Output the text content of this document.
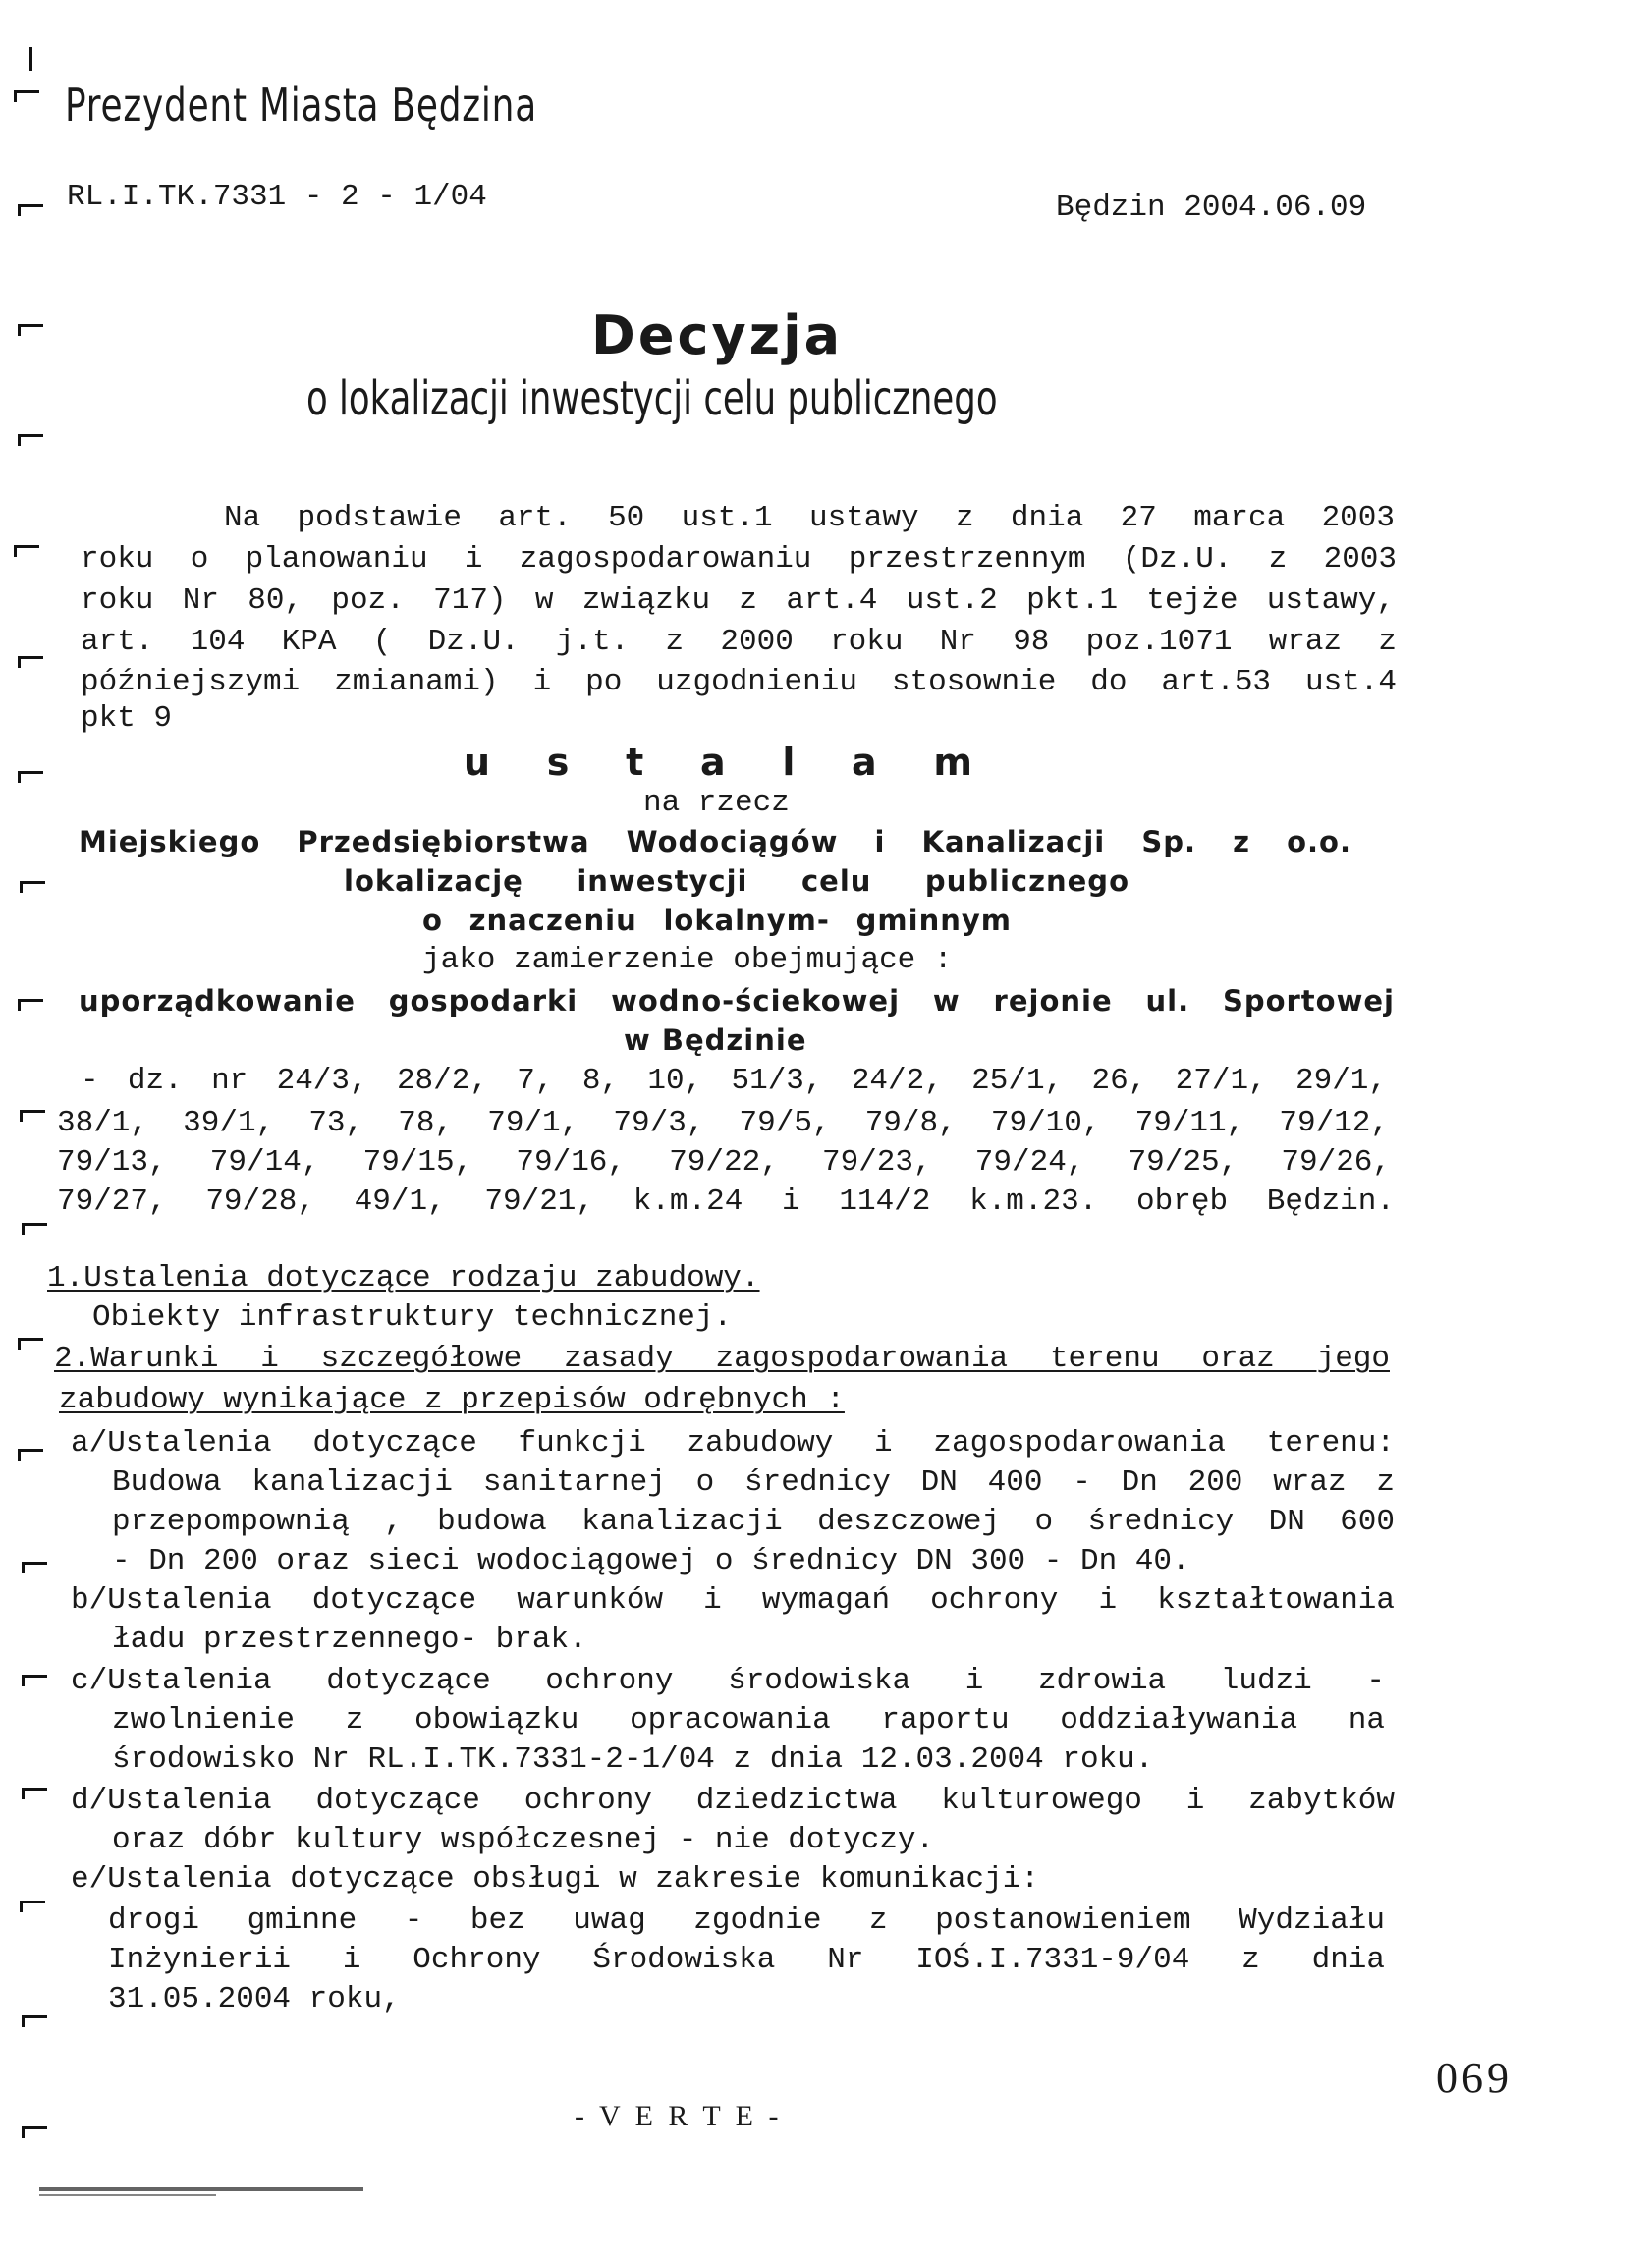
Prezydent Miasta Będzina
RL.I.TK.7331 - 2 - 1/04	Będzin 2004.06.09
Decyzja
o lokalizacji inwestycji celu publicznego
Na podstawie art. 50 ust.1 ustawy z dnia 27 marca 2003
roku o planowaniu i zagospodarowaniu przestrzennym (Dz.U. z 2003
roku Nr 80, poz. 717) w związku z art.4 ust.2 pkt.1 tejże ustawy,
art. 104 KPA ( Dz.U. j.t. z 2000 roku Nr 98 poz.1071 wraz z
późniejszymi zmianami) i po uzgodnieniu stosownie do art.53 ust.4
pkt 9
u s t a l a m
na rzecz
Miejskiego Przedsiębiorstwa Wodociągów i Kanalizacji Sp. z o.o.
lokalizację inwestycji celu publicznego
o znaczeniu lokalnym- gminnym
jako zamierzenie obejmujące :
uporządkowanie gospodarki wodno-ściekowej w rejonie ul. Sportowej
w Będzinie
- dz. nr 24/3, 28/2, 7, 8, 10, 51/3, 24/2, 25/1, 26, 27/1, 29/1,
38/1, 39/1, 73, 78, 79/1, 79/3, 79/5, 79/8, 79/10, 79/11, 79/12,
79/13, 79/14, 79/15, 79/16, 79/22, 79/23, 79/24, 79/25, 79/26,
79/27, 79/28, 49/1, 79/21, k.m.24 i 114/2 k.m.23. obręb Będzin.
1.Ustalenia dotyczące rodzaju zabudowy.
Obiekty infrastruktury technicznej.
2.Warunki i szczegółowe zasady zagospodarowania terenu oraz jego
zabudowy wynikające z przepisów odrębnych :
a/Ustalenia dotyczące funkcji zabudowy i zagospodarowania terenu:
Budowa kanalizacji sanitarnej o średnicy DN 400 - Dn 200 wraz z
przepompownią , budowa kanalizacji deszczowej o średnicy DN 600
- Dn 200 oraz sieci wodociągowej o średnicy DN 300 - Dn 40.
b/Ustalenia dotyczące warunków i wymagań ochrony i kształtowania
ładu przestrzennego- brak.
c/Ustalenia dotyczące ochrony środowiska i zdrowia ludzi -
zwolnienie z obowiązku opracowania raportu oddziaływania na
środowisko Nr RL.I.TK.7331-2-1/04 z dnia 12.03.2004 roku.
d/Ustalenia dotyczące ochrony dziedzictwa kulturowego i zabytków
oraz dóbr kultury współczesnej - nie dotyczy.
e/Ustalenia dotyczące obsługi w zakresie komunikacji:
drogi gminne - bez uwag zgodnie z postanowieniem Wydziału
Inżynierii i Ochrony Środowiska Nr IOŚ.I.7331-9/04 z dnia
31.05.2004 roku,
069
- V E R T E -
